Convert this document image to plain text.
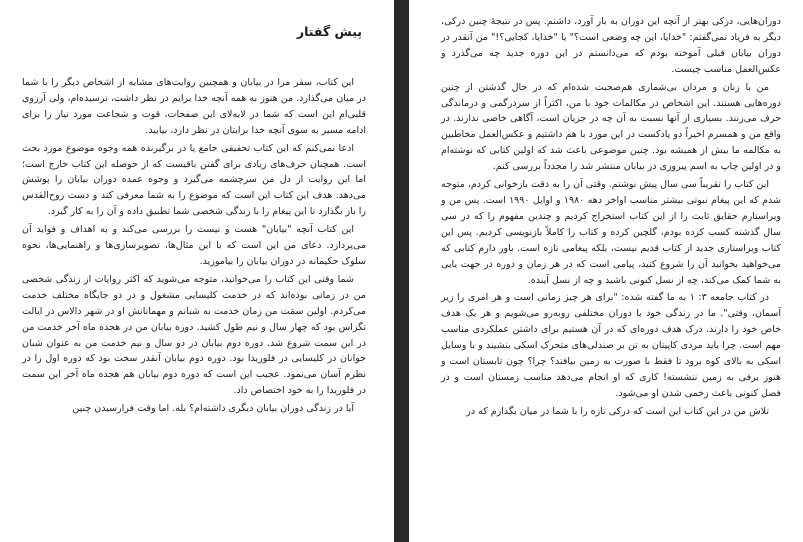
پیش گفتار

این کتاب، سفر مرا در بیابان و همچنین روایت‌های مشابه از اشخاص دیگر را با شما در میان می‌گذارد. من هنوز به همه آنچه خدا برایم در نظر داشت، نرسیده‌ام، ولی آرزوی قلبی‌ام این است که شما در لابه‌لای این صفحات، قوت و شجاعت مورد نیاز را برای ادامه مسیر به سوی آنچه خدا برایتان در نظر دارد، بیابید.

ادعا نمی‌کنم که این کتاب تحقیقی جامع یا در برگیرنده همه وجوه موضوع مورد بحث است. همچنان حرف‌های زیادی برای گفتن باقیست که از حوصله این کتاب خارج است؛ اما این روایت از دل من سرچشمه می‌گیرد و وجوه عمده دوران بیابان را پوشش می‌دهد. هدف این کتاب این است که موضوع را به شما معرفی کند و دست روح‌القدس را باز بگذارد تا این پیغام را با زندگی شخصی شما تطبیق داده و آن را به کار گیرد.

این کتاب آنچه "بیابان" هست و نیست را بررسی می‌کند و به اهداف و فواید آن می‌پردازد. دعای من این است که با این مثال‌ها، تصویرسازی‌ها و راهنمایی‌ها، نحوه سلوک حکیمانه در دوران بیابان را بیاموزید.

شما وقتی این کتاب را می‌خوانید، متوجه می‌شوید که اکثر روایات از زندگی شخصی من در زمانی بوده‌اند که در خدمت کلیسایی مشغول و در دو جایگاه مختلف خدمت می‌کردم. اولین سمَت من زمان خدمت به شبانم و مهمانانش او در شهر دالاس در ایالت تگزاس بود که چهار سال و نیم طول کشید. دوره بیابان من در هجده ماه آخر خدمت من در این سمت شروع شد. دوره دوم بیابان در دو سال و نیم خدمت من به عنوان شبان جوانان در کلیسایی در فلوریدا بود. دوره دوم بیابان آنقدر سخت بود که دوره اول را در نظرم آسان می‌نمود. عجیب این است که دوره دوم بیابان هم هجده ماه آخر این سمت در فلوریدا را به خود اختصاص داد.

آیا در زندگی دوران بیابان دیگری داشته‌ام؟ بله. اما وقت فرارسیدن چنین

دوران‌هایی، درکی بهتر از آنچه این دوران به بار آورد، داشتم. پس در نتیجهٔ چنین درکی، دیگر به فریاد نمی‌گفتم: "خدایا، این چه وضعی است؟" یا "خدایا، کجایی؟!" من آنقدر در دوران بیابان قبلی آموخته بودم که می‌دانستم در این دوره جدید چه می‌گذرد و عکس‌العمل مناسب چیست.

من با زنان و مردان بی‌شماری هم‌صحبت شده‌ام که در حال گذشتن از چنین دوره‌هایی هستند. این اشخاص در مکالمات خود با من، اکثراً از سردرگمی و درماندگی حرف می‌زنند. بسیاری از آنها نسبت به آن چه در جریان است، آگاهی خاصی ندارند. در واقع من و همسرم اخیراً دو پادکست در این مورد با هم داشتیم و عکس‌العمل مخاطبین به مکالمه ما بیش از همیشه بود. چنین موضوعی باعث شد که اولین کتابی که نوشته‌ام و در اولین چاپ به اسم پیروزی در بیابان منتشر شد را مجدداً بررسی کنم.

این کتاب را تقریباً سی سال پیش نوشتم. وقتی آن را به دقت بازخوانی کردم، متوجه شدم که این پیغام نبوتی بیشتر مناسب اواخر دهه ۱۹۸۰ و اوایل ۱۹۹۰ است. پس من و ویراستارم حقایق ثابت را از این کتاب استخراج کردیم و چندین مفهوم را که در سی سال گذشته کسب کرده بودم، گلچین کرده و کتاب را کاملاً بازنویسی کردیم. پس این کتاب ویراستاری جدید از کتاب قدیم نیست، بلکه پیغامی تازه است. باور دارم کتابی که می‌خواهید بخوانید آن را شروع کنید، پیامی است که در هر زمان و دوره در جهت یابی به شما کمک می‌کند، چه از نسل کنونی باشید و چه از نسل آینده.

در کتاب جامعه ۳: ۱ به ما گفته شده: "برای هر چیز زمانی است و هر امری را زیر آسمان، وقتی". ما در زندگی خود با دوران مختلفی روبه‌رو می‌شویم و هر یک هدف خاص خود را دارند. درک هدف دوره‌ای که در آن هستیم برای داشتن عملکردی مناسب مهم است. چرا باید مردی کاپیتان به تن بر صندلی‌های متحرک اسکی بنشیند و با وسایل اسکی به بالای کوه برود تا فقط با صورت به زمین بیافتد؟ چرا؟ چون تابستان است و هنوز برفی به زمین ننشسته! کاری که او انجام می‌دهد مناسب زمستان است و در فصل کنونی باعث زخمی شدن او می‌شود.

تلاش من در این کتاب این است که درکی تازه را با شما در میان بگذارم که در
